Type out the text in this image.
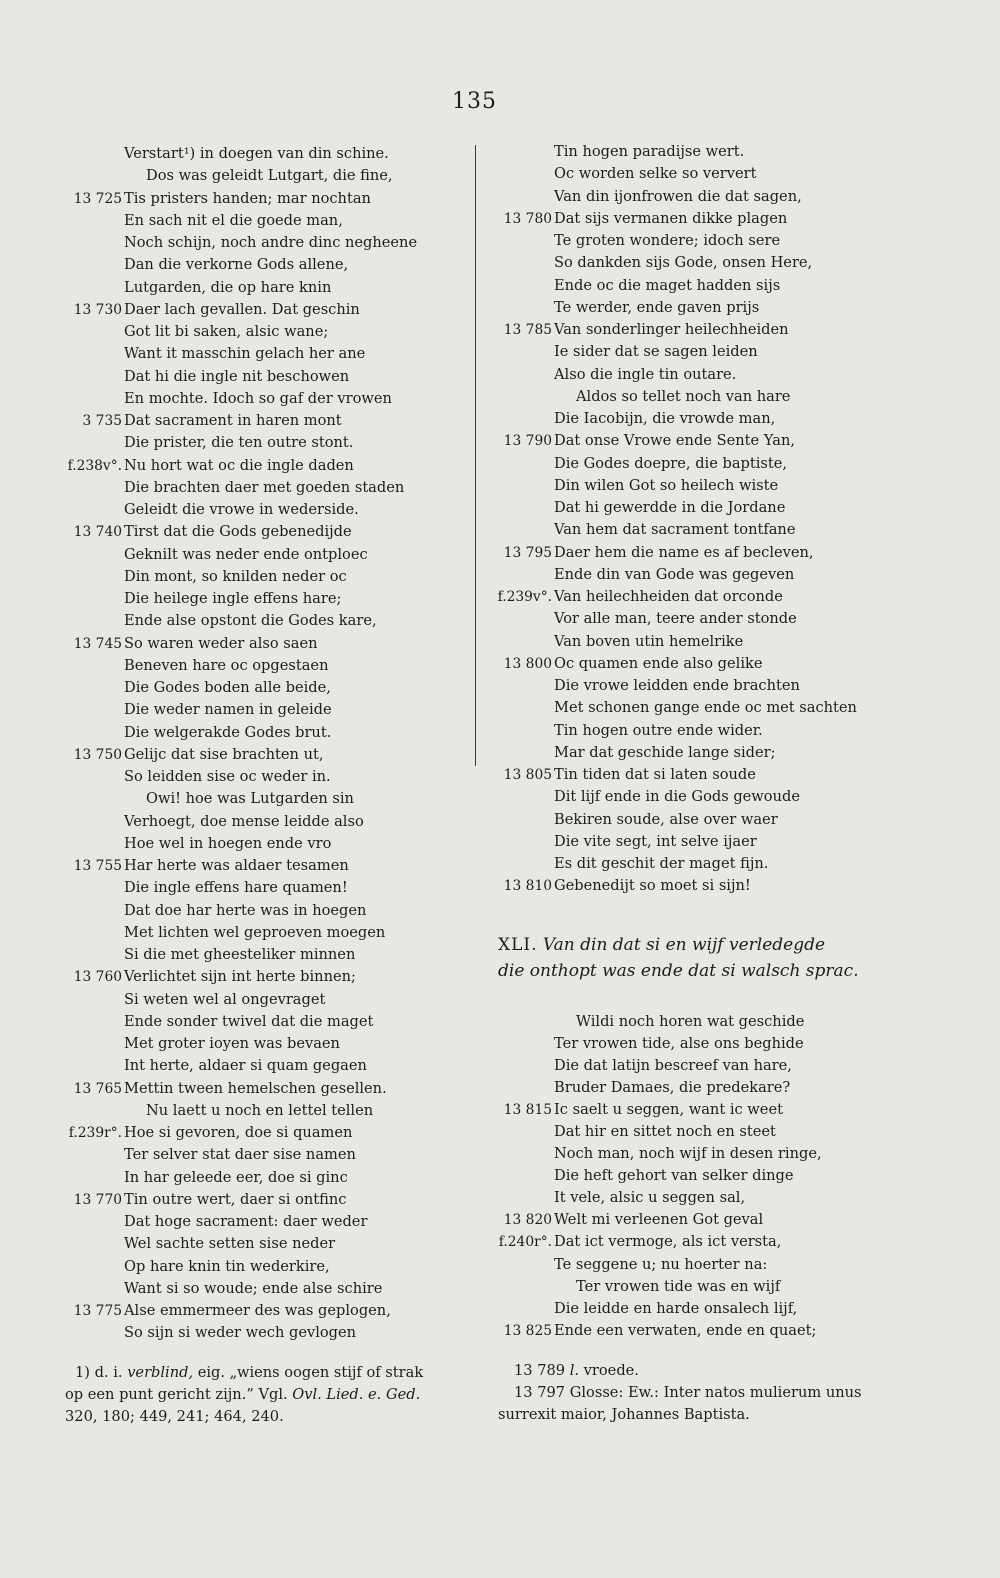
135
Verstart¹) in doegen van din schine.
Dos was geleidt Lutgart, die fine,
13 725 Tis pristers handen; mar nochtan
En sach nit el die goede man,
Noch schijn, noch andre dinc negheene
Dan die verkorne Gods allene,
Lutgarden, die op hare knin
13 730 Daer lach gevallen. Dat geschin
Got lit bi saken, alsic wane;
Want it masschin gelach her ane
Dat hi die ingle nit beschowen
En mochte. Idoch so gaf der vrowen
3 735 Dat sacrament in haren mont
Die prister, die ten outre stont.
f.238v°. Nu hort wat oc die ingle daden
Die brachten daer met goeden staden
Geleidt die vrowe in wederside.
13 740 Tirst dat die Gods gebenedijde
Geknilt was neder ende ontploec
Din mont, so knilden neder oc
Die heilege ingle effens hare;
Ende alse opstont die Godes kare,
13 745 So waren weder also saen
Beneven hare oc opgestaen
Die Godes boden alle beide,
Die weder namen in geleide
Die welgerakde Godes brut.
13 750 Gelijc dat sise brachten ut,
So leidden sise oc weder in.
Owi! hoe was Lutgarden sin
Verhoegt, doe mense leidde also
Hoe wel in hoegen ende vro
13 755 Har herte was aldaer tesamen
Die ingle effens hare quamen!
Dat doe har herte was in hoegen
Met lichten wel geproeven moegen
Si die met gheesteliker minnen
13 760 Verlichtet sijn int herte binnen;
Si weten wel al ongevraget
Ende sonder twivel dat die maget
Met groter ioyen was bevaen
Int herte, aldaer si quam gegaen
13 765 Mettin tween hemelschen gesellen.
Nu laett u noch en lettel tellen
f.239r°. Hoe si gevoren, doe si quamen
Ter selver stat daer sise namen
In har geleede eer, doe si ginc
13 770 Tin outre wert, daer si ontfinc
Dat hoge sacrament: daer weder
Wel sachte setten sise neder
Op hare knin tin wederkire,
Want si so woude; ende alse schire
13 775 Alse emmermeer des was geplogen,
So sijn si weder wech gevlogen
Tin hogen paradijse wert.
Oc worden selke so ververt
Van din ijonfrowen die dat sagen,
13 780 Dat sijs vermanen dikke plagen
Te groten wondere; idoch sere
So dankden sijs Gode, onsen Here,
Ende oc die maget hadden sijs
Te werder, ende gaven prijs
13 785 Van sonderlinger heilechheiden
Ie sider dat se sagen leiden
Also die ingle tin outare.
Aldos so tellet noch van hare
Die Iacobijn, die vrowde man,
13 790 Dat onse Vrowe ende Sente Yan,
Die Godes doepre, die baptiste,
Din wilen Got so heilech wiste
Dat hi gewerdde in die Jordane
Van hem dat sacrament tontfane
13 795 Daer hem die name es af becleven,
Ende din van Gode was gegeven
f.239v°. Van heilechheiden dat orconde
Vor alle man, teere ander stonde
Van boven utin hemelrike
13 800 Oc quamen ende also gelike
Die vrowe leidden ende brachten
Met schonen gange ende oc met sachten
Tin hogen outre ende wider.
Mar dat geschide lange sider;
13 805 Tin tiden dat si laten soude
Dit lijf ende in die Gods gewoude
Bekiren soude, alse over waer
Die vite segt, int selve ijaer
Es dit geschit der maget fijn.
13 810 Gebenedijt so moet si sijn!
XLI. Van din dat si en wijf verledegde
die onthopt was ende dat si walsch sprac.
Wildi noch horen wat geschide
Ter vrowen tide, alse ons beghide
Die dat latijn bescreef van hare,
Bruder Damaes, die predekare?
13 815 Ic saelt u seggen, want ic weet
Dat hir en sittet noch en steet
Noch man, noch wijf in desen ringe,
Die heft gehort van selker dinge
It vele, alsic u seggen sal,
13 820 Welt mi verleenen Got geval
f.240r°. Dat ict vermoge, als ict versta,
Te seggene u; nu hoerter na:
Ter vrowen tide was en wijf
Die leidde en harde onsalech lijf,
13 825 Ende een verwaten, ende en quaet;
1) d. i. verblind, eig. „wiens oogen stijf of strak
op een punt gericht zijn.” Vgl. Ovl. Lied. e. Ged.
320, 180; 449, 241; 464, 240.
13 789 l. vroede.
13 797 Glosse: Ew.: Inter natos mulierum unus
surrexit maior, Johannes Baptista.
